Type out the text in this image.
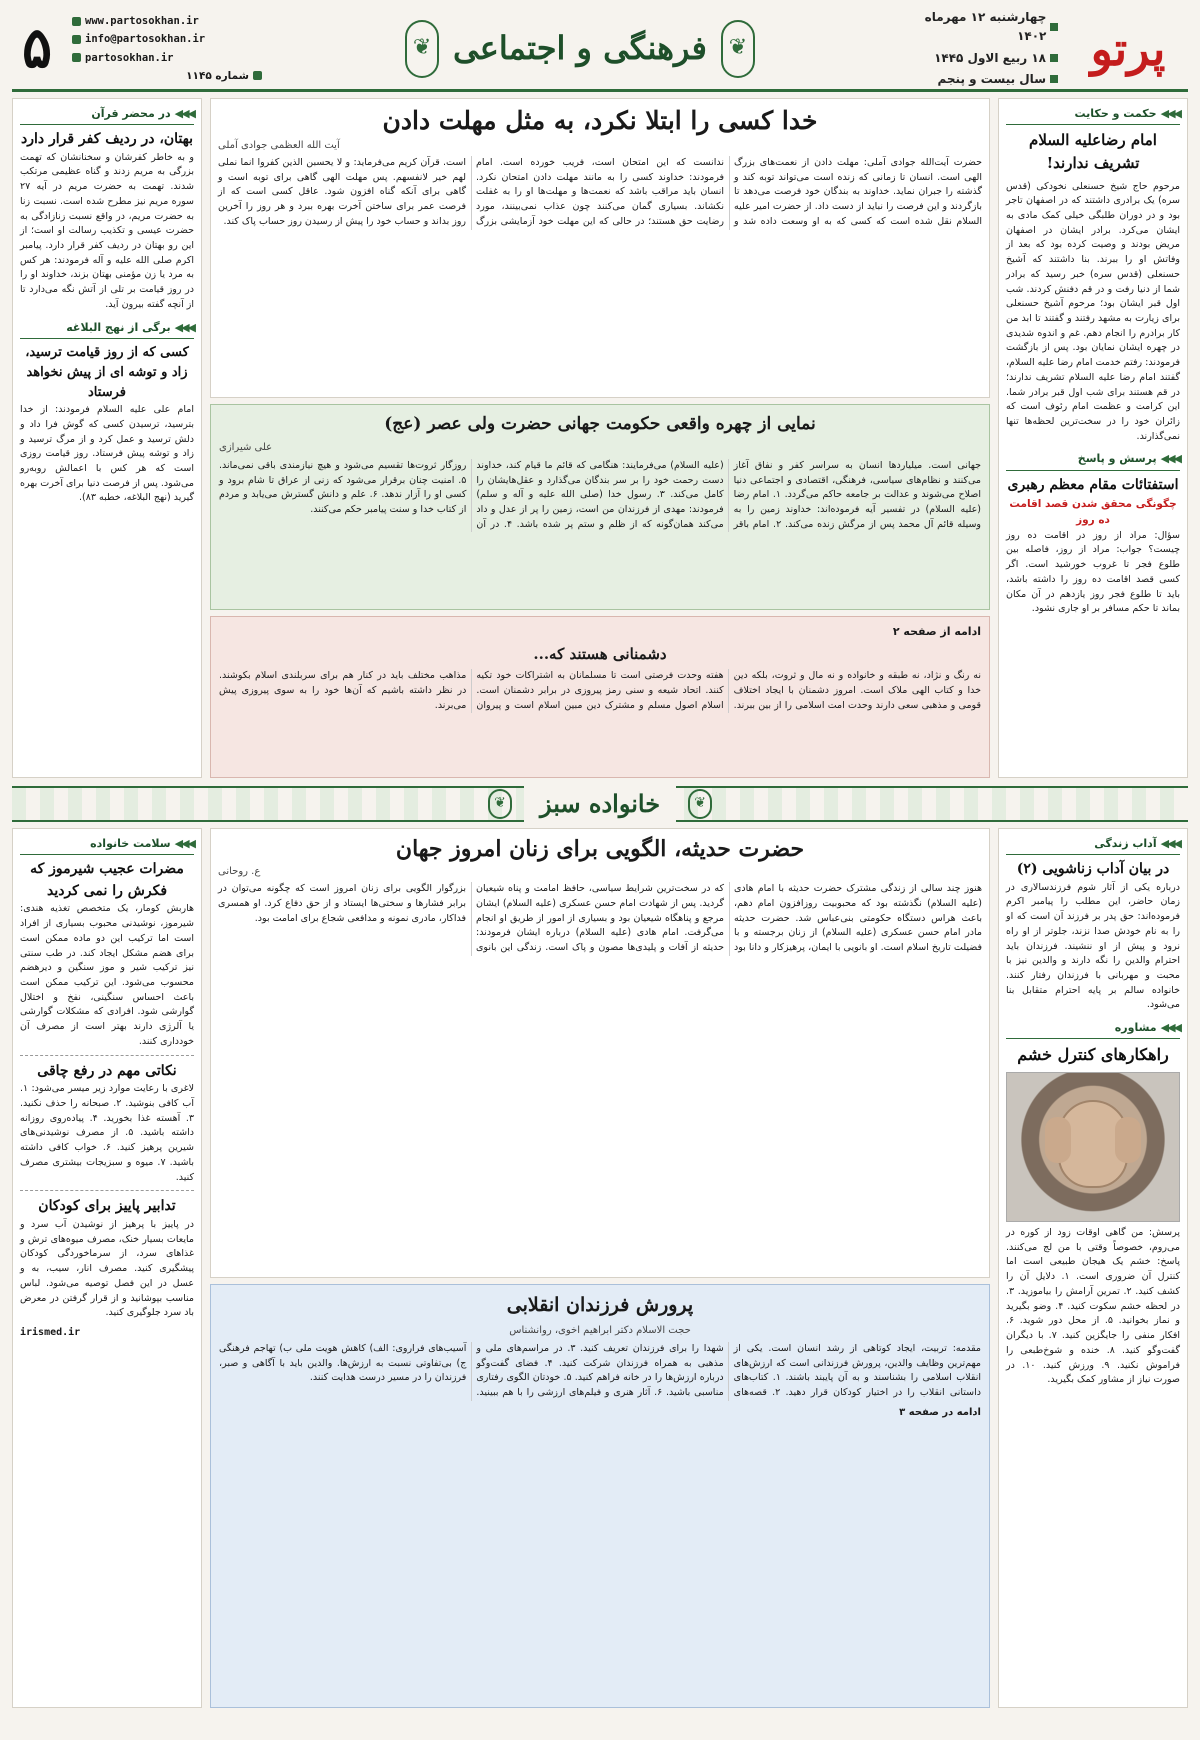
پرتو
چهارشنبه ۱۲ مهرماه ۱۴۰۲
۱۸ ربیع الاول ۱۴۴۵
سال بیست و پنجم
❦
فرهنگی و اجتماعی
❦
www.partosokhan.ir
info@partosokhan.ir
partosokhan.ir
شماره ۱۱۴۵
۵
◀◀◀
حکمت و حکایت
امام رضاعلیه السلام تشریف ندارند!

مرحوم حاج شیخ حسنعلی نخودکی (قدس سره) یک برادری داشتند که در اصفهان تاجر بود و در دوران طلبگی خیلی کمک مادی به ایشان می‌کرد. برادر ایشان در اصفهان مریض بودند و وصیت کرده بود که بعد از وفاتش او را ببرند. بنا داشتند که آشیخ حسنعلی (قدس سره) خبر رسید که برادر شما از دنیا رفت و در قم دفنش کردند. شب اول قبر ایشان بود؛ مرحوم آشیخ حسنعلی برای زیارت به مشهد رفتند و گفتند تا ابد من کار برادرم را انجام دهم. غم و اندوه شدیدی در چهره ایشان نمایان بود. پس از بازگشت فرمودند: رفتم خدمت امام رضا علیه السلام، گفتند امام رضا علیه السلام تشریف ندارند؛ در قم هستند برای شب اول قبر برادر شما. این کرامت و عظمت امام رئوف است که زائران خود را در سخت‌ترین لحظه‌ها تنها نمی‌گذارند.

◀◀◀
پرسش و پاسخ
استفتائات مقام معظم رهبری
چگونگی محقق شدن قصد اقامت ده روز

سؤال: مراد از روز در اقامت ده روز چیست؟ جواب: مراد از روز، فاصله بین طلوع فجر تا غروب خورشید است. اگر کسی قصد اقامت ده روز را داشته باشد، باید تا طلوع فجر روز یازدهم در آن مکان بماند تا حکم مسافر بر او جاری نشود.

خدا کسی را ابتلا نکرد، به مثل مهلت دادن
آیت الله العظمی جوادی آملی
حضرت آیت‌الله جوادی آملی: مهلت دادن از نعمت‌های بزرگ الهی است. انسان تا زمانی که زنده است می‌تواند توبه کند و گذشته را جبران نماید. خداوند به بندگان خود فرصت می‌دهد تا بازگردند و این فرصت را نباید از دست داد. از حضرت امیر علیه السلام نقل شده است که کسی که به او وسعت داده شد و ندانست که این امتحان است، فریب خورده است. امام فرمودند: خداوند کسی را به مانند مهلت دادن امتحان نکرد. انسان باید مراقب باشد که نعمت‌ها و مهلت‌ها او را به غفلت نکشاند. بسیاری گمان می‌کنند چون عذاب نمی‌بینند، مورد رضایت حق هستند؛ در حالی که این مهلت خود آزمایشی بزرگ است. قرآن کریم می‌فرماید: و لا یحسبن الذین کفروا انما نملی لهم خیر لانفسهم. پس مهلت الهی گاهی برای توبه است و گاهی برای آنکه گناه افزون شود. عاقل کسی است که از فرصت عمر برای ساختن آخرت بهره ببرد و هر روز را آخرین روز بداند و حساب خود را پیش از رسیدن روز حساب پاک کند.
نمایی از چهره واقعی حکومت جهانی حضرت ولی عصر (عج)
علی شیرازی
جهانی است. میلیاردها انسان به سراسر کفر و نفاق آغاز می‌کنند و نظام‌های سیاسی، فرهنگی، اقتصادی و اجتماعی دنیا اصلاح می‌شوند و عدالت بر جامعه حاکم می‌گردد. ۱. امام رضا (علیه السلام) در تفسیر آیه فرموده‌اند: خداوند زمین را به وسیله قائم آل محمد پس از مرگش زنده می‌کند. ۲. امام باقر (علیه السلام) می‌فرمایند: هنگامی که قائم ما قیام کند، خداوند دست رحمت خود را بر سر بندگان می‌گذارد و عقل‌هایشان را کامل می‌کند. ۳. رسول خدا (صلی الله علیه و آله و سلم) فرمودند: مهدی از فرزندان من است، زمین را پر از عدل و داد می‌کند همان‌گونه که از ظلم و ستم پر شده باشد. ۴. در آن روزگار ثروت‌ها تقسیم می‌شود و هیچ نیازمندی باقی نمی‌ماند. ۵. امنیت چنان برقرار می‌شود که زنی از عراق تا شام برود و کسی او را آزار ندهد. ۶. علم و دانش گسترش می‌یابد و مردم از کتاب خدا و سنت پیامبر حکم می‌کنند.
ادامه از صفحه ۲
دشمنانی هستند که...
نه رنگ و نژاد، نه طبقه و خانواده و نه مال و ثروت، بلکه دین خدا و کتاب الهی ملاک است. امروز دشمنان با ایجاد اختلاف قومی و مذهبی سعی دارند وحدت امت اسلامی را از بین ببرند. هفته وحدت فرصتی است تا مسلمانان به اشتراکات خود تکیه کنند. اتحاد شیعه و سنی رمز پیروزی در برابر دشمنان است. اسلام اصول مسلم و مشترک دین مبین اسلام است و پیروان مذاهب مختلف باید در کنار هم برای سربلندی اسلام بکوشند. در نظر داشته باشیم که آن‌ها خود را به سوی پیروزی پیش می‌برند.
◀◀◀
در محضر قرآن
بهتان، در ردیف کفر قرار دارد

و به خاطر کفرشان و سخنانشان که تهمت بزرگی به مریم زدند و گناه عظیمی مرتکب شدند. تهمت به حضرت مریم در آیه ۲۷ سوره مریم نیز مطرح شده است. نسبت زنا به حضرت مریم، در واقع نسبت زنازادگی به حضرت عیسی و تکذیب رسالت او است؛ از این رو بهتان در ردیف کفر قرار دارد. پیامبر اکرم صلی الله علیه و آله فرمودند: هر کس به مرد یا زن مؤمنی بهتان بزند، خداوند او را در روز قیامت بر تلی از آتش نگه می‌دارد تا از آنچه گفته بیرون آید.

◀◀◀
برگی از نهج البلاغه
کسی که از روز قیامت ترسید، زاد و توشه ای از پیش نخواهد فرستاد

امام علی علیه السلام فرمودند: از خدا بترسید، ترسیدن کسی که گوش فرا داد و دلش ترسید و عمل کرد و از مرگ ترسید و زاد و توشه پیش فرستاد. روز قیامت روزی است که هر کس با اعمالش روبه‌رو می‌شود. پس از فرصت دنیا برای آخرت بهره گیرید (نهج البلاغه، خطبه ۸۳).

❦
خانواده سبز
❦
◀◀◀
آداب زندگی
در بیان آداب زناشویی (۲)

درباره یکی از آثار شوم فرزندسالاری در زمان حاضر، این مطلب را پیامبر اکرم فرموده‌اند: حق پدر بر فرزند آن است که او را به نام خودش صدا نزند، جلوتر از او راه نرود و پیش از او ننشیند. فرزندان باید احترام والدین را نگه دارند و والدین نیز با محبت و مهربانی با فرزندان رفتار کنند. خانواده سالم بر پایه احترام متقابل بنا می‌شود.

◀◀◀
مشاوره
راهکارهای کنترل خشم

پرسش: من گاهی اوقات زود از کوره در می‌روم، خصوصاً وقتی با من لج می‌کنند. پاسخ: خشم یک هیجان طبیعی است اما کنترل آن ضروری است. ۱. دلایل آن را کشف کنید. ۲. تمرین آرامش را بیاموزید. ۳. در لحظه خشم سکوت کنید. ۴. وضو بگیرید و نماز بخوانید. ۵. از محل دور شوید. ۶. افکار منفی را جایگزین کنید. ۷. با دیگران گفت‌وگو کنید. ۸. خنده و شوخ‌طبعی را فراموش نکنید. ۹. ورزش کنید. ۱۰. در صورت نیاز از مشاور کمک بگیرید.

حضرت حدیثه، الگویی برای زنان امروز جهان
ع. روحانی
هنوز چند سالی از زندگی مشترک حضرت حدیثه با امام هادی (علیه السلام) نگذشته بود که محبوبیت روزافزون امام دهم، باعث هراس دستگاه حکومتی بنی‌عباس شد. حضرت حدیثه مادر امام حسن عسکری (علیه السلام) از زنان برجسته و با فضیلت تاریخ اسلام است. او بانویی با ایمان، پرهیزکار و دانا بود که در سخت‌ترین شرایط سیاسی، حافظ امامت و پناه شیعیان گردید. پس از شهادت امام حسن عسکری (علیه السلام) ایشان مرجع و پناهگاه شیعیان بود و بسیاری از امور از طریق او انجام می‌گرفت. امام هادی (علیه السلام) درباره ایشان فرمودند: حدیثه از آفات و پلیدی‌ها مصون و پاک است. زندگی این بانوی بزرگوار الگویی برای زنان امروز است که چگونه می‌توان در برابر فشارها و سختی‌ها ایستاد و از حق دفاع کرد. او همسری فداکار، مادری نمونه و مدافعی شجاع برای امامت بود.
پرورش فرزندان انقلابی
حجت الاسلام دکتر ابراهیم اخوی، روانشناس
مقدمه: تربیت، ایجاد کوتاهی از رشد انسان است. یکی از مهم‌ترین وظایف والدین، پرورش فرزندانی است که ارزش‌های انقلاب اسلامی را بشناسند و به آن پایبند باشند. ۱. کتاب‌های داستانی انقلاب را در اختیار کودکان قرار دهید. ۲. قصه‌های شهدا را برای فرزندان تعریف کنید. ۳. در مراسم‌های ملی و مذهبی به همراه فرزندان شرکت کنید. ۴. فضای گفت‌وگو درباره ارزش‌ها را در خانه فراهم کنید. ۵. خودتان الگوی رفتاری مناسبی باشید. ۶. آثار هنری و فیلم‌های ارزشی را با هم ببینید. آسیب‌های فراروی: الف) کاهش هویت ملی ب) تهاجم فرهنگی ج) بی‌تفاوتی نسبت به ارزش‌ها. والدین باید با آگاهی و صبر، فرزندان را در مسیر درست هدایت کنند.
ادامه در صفحه ۳
◀◀◀
سلامت خانواده
مضرات عجیب شیرموز که فکرش را نمی کردید

هاربش کومار، یک متخصص تغذیه هندی: شیرموز، نوشیدنی محبوب بسیاری از افراد است اما ترکیب این دو ماده ممکن است برای هضم مشکل ایجاد کند. در طب سنتی نیز ترکیب شیر و موز سنگین و دیرهضم محسوب می‌شود. این ترکیب ممکن است باعث احساس سنگینی، نفخ و اختلال گوارشی شود. افرادی که مشکلات گوارشی یا آلرژی دارند بهتر است از مصرف آن خودداری کنند.

نکاتی مهم در رفع چاقی

لاغری با رعایت موارد زیر میسر می‌شود: ۱. آب کافی بنوشید. ۲. صبحانه را حذف نکنید. ۳. آهسته غذا بخورید. ۴. پیاده‌روی روزانه داشته باشید. ۵. از مصرف نوشیدنی‌های شیرین پرهیز کنید. ۶. خواب کافی داشته باشید. ۷. میوه و سبزیجات بیشتری مصرف کنید.

تدابیر پاییز برای کودکان

در پاییز با پرهیز از نوشیدن آب سرد و مایعات بسیار خنک، مصرف میوه‌های ترش و غذاهای سرد، از سرماخوردگی کودکان پیشگیری کنید. مصرف انار، سیب، به و عسل در این فصل توصیه می‌شود. لباس مناسب بپوشانید و از قرار گرفتن در معرض باد سرد جلوگیری کنید.

irismed.ir
